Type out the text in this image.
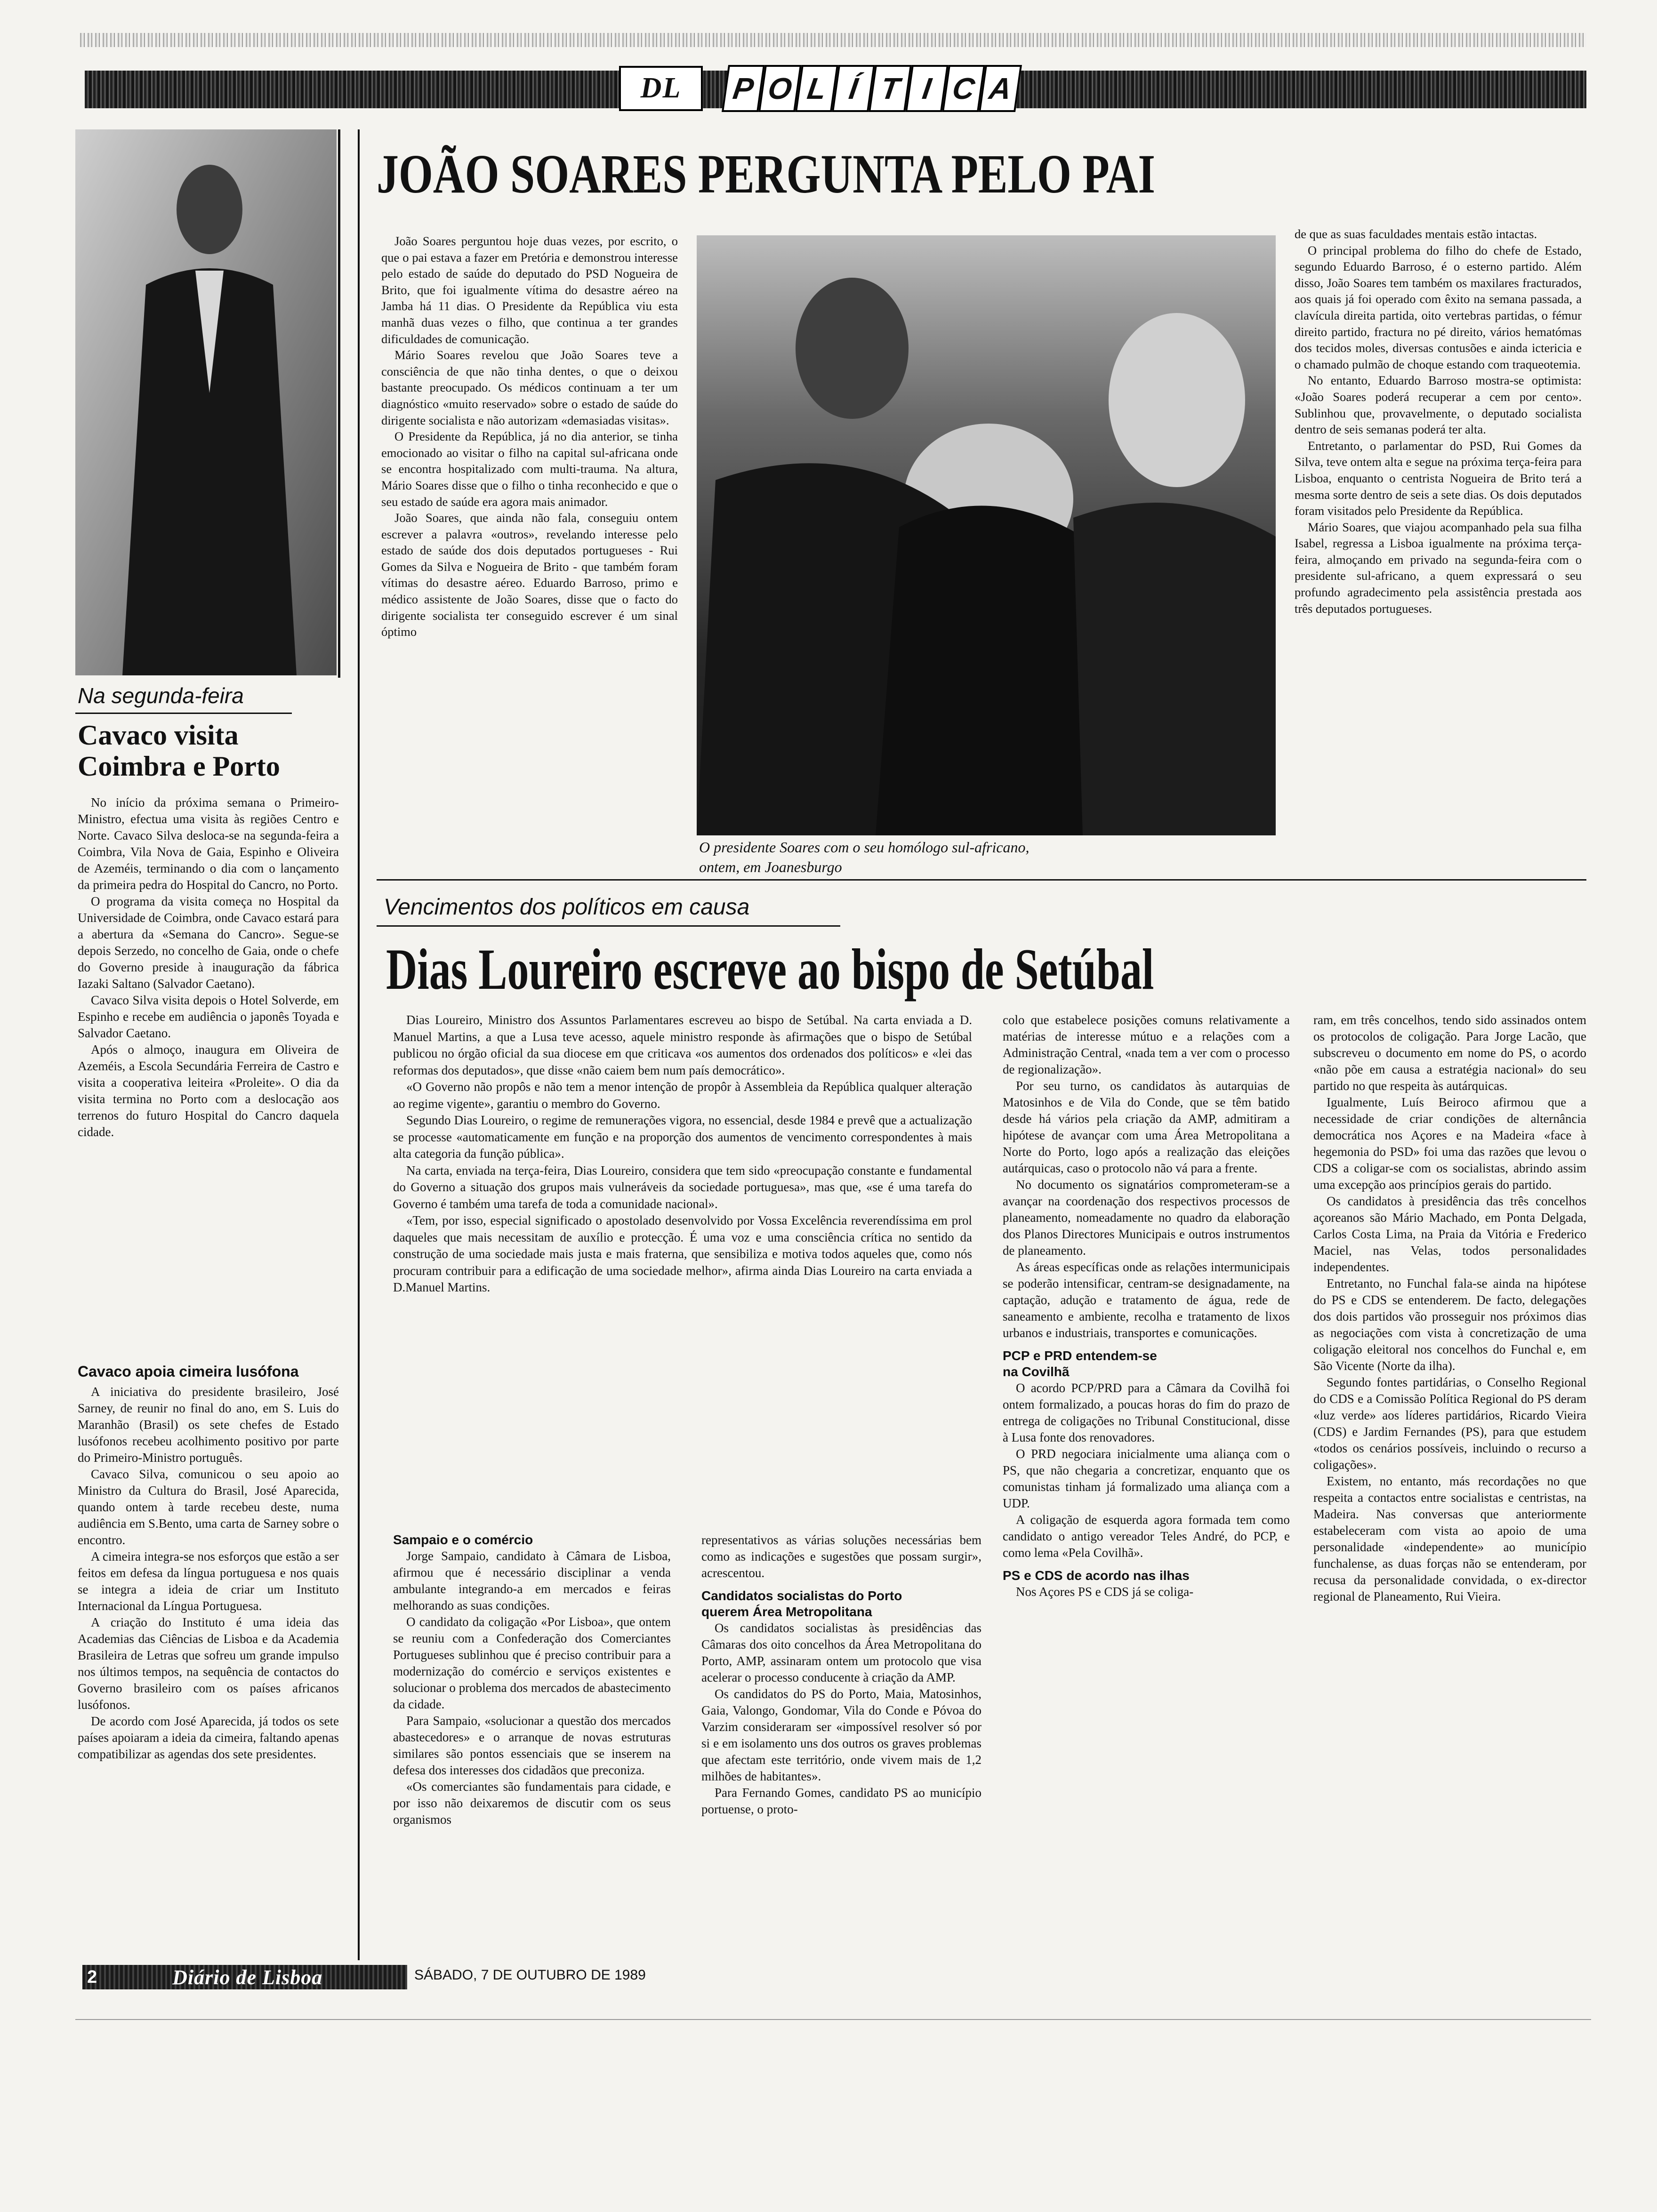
DL	P O L Í T I C A
Na segunda-feira
Cavaco visita
Coimbra e Porto

No início da próxima semana o Primeiro-Ministro, efectua uma visita às regiões Centro e Norte. Cavaco Silva desloca-se na segunda-feira a Coimbra, Vila Nova de Gaia, Espinho e Oliveira de Azeméis, terminando o dia com o lançamento da primeira pedra do Hospital do Cancro, no Porto.

O programa da visita começa no Hospital da Universidade de Coimbra, onde Cavaco estará para a abertura da «Semana do Cancro». Segue-se depois Serzedo, no concelho de Gaia, onde o chefe do Governo preside à inauguração da fábrica Iazaki Saltano (Salvador Caetano).

Cavaco Silva visita depois o Hotel Solverde, em Espinho e recebe em audiência o japonês Toyada e Salvador Caetano.

Após o almoço, inaugura em Oliveira de Azeméis, a Escola Secundária Ferreira de Castro e visita a cooperativa leiteira «Proleite». O dia da visita termina no Porto com a deslocação aos terrenos do futuro Hospital do Cancro daquela cidade.

Cavaco apoia cimeira lusófona

A iniciativa do presidente brasileiro, José Sarney, de reunir no final do ano, em S. Luis do Maranhão (Brasil) os sete chefes de Estado lusófonos recebeu acolhimento positivo por parte do Primeiro-Ministro português.

Cavaco Silva, comunicou o seu apoio ao Ministro da Cultura do Brasil, José Aparecida, quando ontem à tarde recebeu deste, numa audiência em S.Bento, uma carta de Sarney sobre o encontro.

A cimeira integra-se nos esforços que estão a ser feitos em defesa da língua portuguesa e nos quais se integra a ideia de criar um Instituto Internacional da Língua Portuguesa.

A criação do Instituto é uma ideia das Academias das Ciências de Lisboa e da Academia Brasileira de Letras que sofreu um grande impulso nos últimos tempos, na sequência de contactos do Governo brasileiro com os países africanos lusófonos.

De acordo com José Aparecida, já todos os sete países apoiaram a ideia da cimeira, faltando apenas compatibilizar as agendas dos sete presidentes.

JOÃO SOARES PERGUNTA PELO PAI

João Soares perguntou hoje duas vezes, por escrito, o que o pai estava a fazer em Pretória e demonstrou interesse pelo estado de saúde do deputado do PSD Nogueira de Brito, que foi igualmente vítima do desastre aéreo na Jamba há 11 dias. O Presidente da República viu esta manhã duas vezes o filho, que continua a ter grandes dificuldades de comunicação.

Mário Soares revelou que João Soares teve a consciência de que não tinha dentes, o que o deixou bastante preocupado. Os médicos continuam a ter um diagnóstico «muito reservado» sobre o estado de saúde do dirigente socialista e não autorizam «demasiadas visitas».

O Presidente da República, já no dia anterior, se tinha emocionado ao visitar o filho na capital sul-africana onde se encontra hospitalizado com multi-trauma. Na altura, Mário Soares disse que o filho o tinha reconhecido e que o seu estado de saúde era agora mais animador.

João Soares, que ainda não fala, conseguiu ontem escrever a palavra «outros», revelando interesse pelo estado de saúde dos dois deputados portugueses - Rui Gomes da Silva e Nogueira de Brito - que também foram vítimas do desastre aéreo. Eduardo Barroso, primo e médico assistente de João Soares, disse que o facto do dirigente socialista ter conseguido escrever é um sinal óptimo

O presidente Soares com o seu homólogo sul-africano,
ontem, em Joanesburgo

de que as suas faculdades mentais estão intactas.

O principal problema do filho do chefe de Estado, segundo Eduardo Barroso, é o esterno partido. Além disso, João Soares tem também os maxilares fracturados, aos quais já foi operado com êxito na semana passada, a clavícula direita partida, oito vertebras partidas, o fémur direito partido, fractura no pé direito, vários hematómas dos tecidos moles, diversas contusões e ainda ictericia e o chamado pulmão de choque estando com traqueotemia.

No entanto, Eduardo Barroso mostra-se optimista: «João Soares poderá recuperar a cem por cento». Sublinhou que, provavelmente, o deputado socialista dentro de seis semanas poderá ter alta.

Entretanto, o parlamentar do PSD, Rui Gomes da Silva, teve ontem alta e segue na próxima terça-feira para Lisboa, enquanto o centrista Nogueira de Brito terá a mesma sorte dentro de seis a sete dias. Os dois deputados foram visitados pelo Presidente da República.

Mário Soares, que viajou acompanhado pela sua filha Isabel, regressa a Lisboa igualmente na próxima terça-feira, almoçando em privado na segunda-feira com o presidente sul-africano, a quem expressará o seu profundo agradecimento pela assistência prestada aos três deputados portugueses.

Vencimentos dos políticos em causa
Dias Loureiro escreve ao bispo de Setúbal

Dias Loureiro, Ministro dos Assuntos Parlamentares escreveu ao bispo de Setúbal. Na carta enviada a D. Manuel Martins, a que a Lusa teve acesso, aquele ministro responde às afirmações que o bispo de Setúbal publicou no órgão oficial da sua diocese em que criticava «os aumentos dos ordenados dos políticos» e «lei das reformas dos deputados», que disse «não caiem bem num país democrático».

«O Governo não propôs e não tem a menor intenção de propôr à Assembleia da República qualquer alteração ao regime vigente», garantiu o membro do Governo.

Segundo Dias Loureiro, o regime de remunerações vigora, no essencial, desde 1984 e prevê que a actualização se processe «automaticamente em função e na proporção dos aumentos de vencimento correspondentes à mais alta categoria da função pública».

Na carta, enviada na terça-feira, Dias Loureiro, considera que tem sido «preocupação constante e fundamental do Governo a situação dos grupos mais vulneráveis da sociedade portuguesa», mas que, «se é uma tarefa do Governo é também uma tarefa de toda a comunidade nacional».

«Tem, por isso, especial significado o apostolado desenvolvido por Vossa Excelência reverendíssima em prol daqueles que mais necessitam de auxílio e protecção. É uma voz e uma consciência crítica no sentido da construção de uma sociedade mais justa e mais fraterna, que sensibiliza e motiva todos aqueles que, como nós procuram contribuir para a edificação de uma sociedade melhor», afirma ainda Dias Loureiro na carta enviada a D.Manuel Martins.

Sampaio e o comércio

Jorge Sampaio, candidato à Câmara de Lisboa, afirmou que é necessário disciplinar a venda ambulante integrando-a em mercados e feiras melhorando as suas condições.

O candidato da coligação «Por Lisboa», que ontem se reuniu com a Confederação dos Comerciantes Portugueses sublinhou que é preciso contribuir para a modernização do comércio e serviços existentes e solucionar o problema dos mercados de abastecimento da cidade.

Para Sampaio, «solucionar a questão dos mercados abastecedores» e o arranque de novas estruturas similares são pontos essenciais que se inserem na defesa dos interesses dos cidadãos que preconiza.

«Os comerciantes são fundamentais para cidade, e por isso não deixaremos de discutir com os seus organismos

representativos as várias soluções necessárias bem como as indicações e sugestões que possam surgir», acrescentou.

Candidatos socialistas do Porto

querem Área Metropolitana

Os candidatos socialistas às presidências das Câmaras dos oito concelhos da Área Metropolitana do Porto, AMP, assinaram ontem um protocolo que visa acelerar o processo conducente à criação da AMP.

Os candidatos do PS do Porto, Maia, Matosinhos, Gaia, Valongo, Gondomar, Vila do Conde e Póvoa do Varzim consideraram ser «impossível resolver só por si e em isolamento uns dos outros os graves problemas que afectam este território, onde vivem mais de 1,2 milhões de habitantes».

Para Fernando Gomes, candidato PS ao município portuense, o proto-

colo que estabelece posições comuns relativamente a matérias de interesse mútuo e a relações com a Administração Central, «nada tem a ver com o processo de regionalização».

Por seu turno, os candidatos às autarquias de Matosinhos e de Vila do Conde, que se têm batido desde há vários pela criação da AMP, admitiram a hipótese de avançar com uma Área Metropolitana a Norte do Porto, logo após a realização das eleições autárquicas, caso o protocolo não vá para a frente.

No documento os signatários comprometeram-se a avançar na coordenação dos respectivos processos de planeamento, nomeadamente no quadro da elaboração dos Planos Directores Municipais e outros instrumentos de planeamento.

As áreas específicas onde as relações intermunicipais se poderão intensificar, centram-se designadamente, na captação, adução e tratamento de água, rede de saneamento e ambiente, recolha e tratamento de lixos urbanos e industriais, transportes e comunicações.

PCP e PRD entendem-se

na Covilhã

O acordo PCP/PRD para a Câmara da Covilhã foi ontem formalizado, a poucas horas do fim do prazo de entrega de coligações no Tribunal Constitucional, disse à Lusa fonte dos renovadores.

O PRD negociara inicialmente uma aliança com o PS, que não chegaria a concretizar, enquanto que os comunistas tinham já formalizado uma aliança com a UDP.

A coligação de esquerda agora formada tem como candidato o antigo vereador Teles André, do PCP, e como lema «Pela Covilhã».

PS e CDS de acordo nas ilhas

Nos Açores PS e CDS já se coliga-

ram, em três concelhos, tendo sido assinados ontem os protocolos de coligação. Para Jorge Lacão, que subscreveu o documento em nome do PS, o acordo «não põe em causa a estratégia nacional» do seu partido no que respeita às autárquicas.

Igualmente, Luís Beiroco afirmou que a necessidade de criar condições de alternância democrática nos Açores e na Madeira «face à hegemonia do PSD» foi uma das razões que levou o CDS a coligar-se com os socialistas, abrindo assim uma excepção aos princípios gerais do partido.

Os candidatos à presidência das três concelhos açoreanos são Mário Machado, em Ponta Delgada, Carlos Costa Lima, na Praia da Vitória e Frederico Maciel, nas Velas, todos personalidades independentes.

Entretanto, no Funchal fala-se ainda na hipótese do PS e CDS se entenderem. De facto, delegações dos dois partidos vão prosseguir nos próximos dias as negociações com vista à concretização de uma coligação eleitoral nos concelhos do Funchal e, em São Vicente (Norte da ilha).

Segundo fontes partidárias, o Conselho Regional do CDS e a Comissão Política Regional do PS deram «luz verde» aos líderes partidários, Ricardo Vieira (CDS) e Jardim Fernandes (PS), para que estudem «todos os cenários possíveis, incluindo o recurso a coligações».

Existem, no entanto, más recordações no que respeita a contactos entre socialistas e centristas, na Madeira. Nas conversas que anteriormente estabeleceram com vista ao apoio de uma personalidade «independente» ao município funchalense, as duas forças não se entenderam, por recusa da personalidade convidada, o ex-director regional de Planeamento, Rui Vieira.

2	Diário de Lisboa	SÁBADO, 7 DE OUTUBRO DE 1989
